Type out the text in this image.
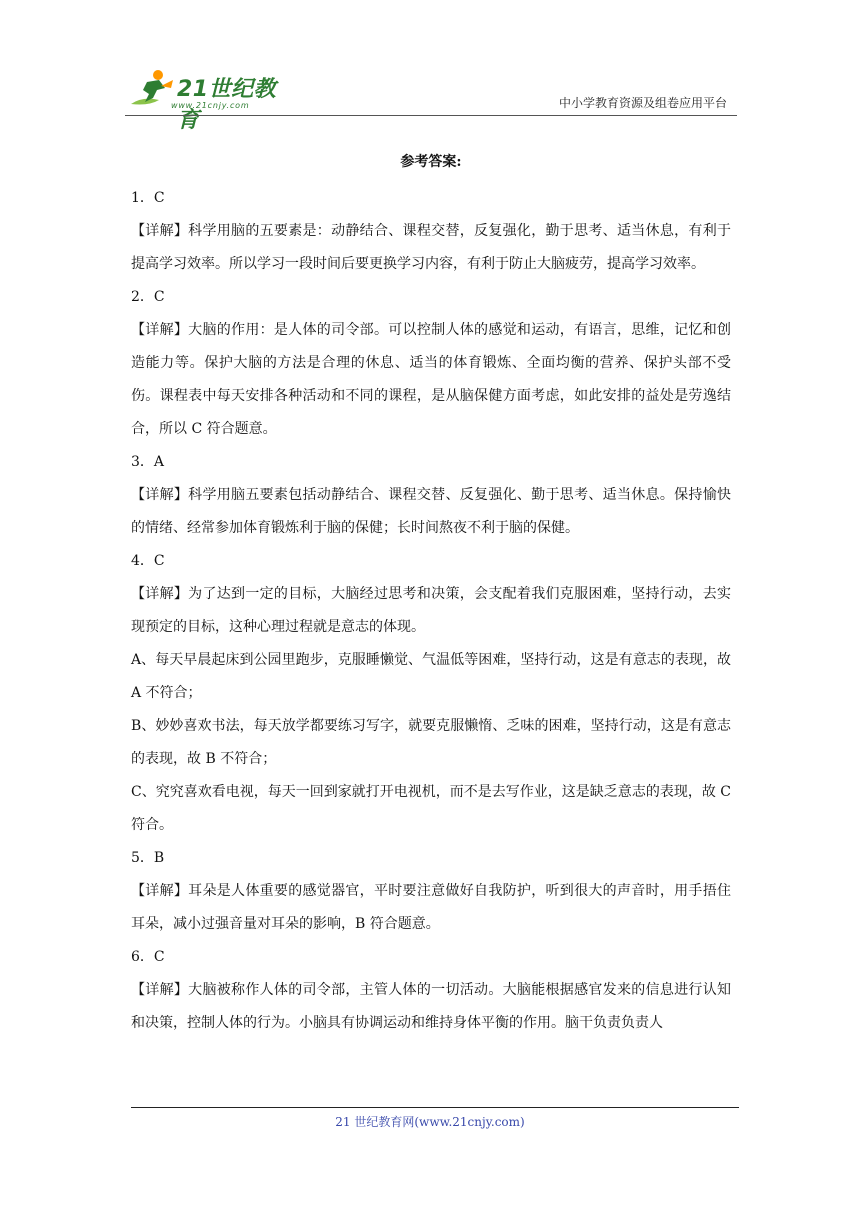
21世纪教育
www.21cnjy.com	中小学教育资源及组卷应用平台
参考答案:
1．C
【详解】科学用脑的五要素是：动静结合、课程交替，反复强化，勤于思考、适当休息，有利于提高学习效率。所以学习一段时间后要更换学习内容，有利于防止大脑疲劳，提高学习效率。
2．C
【详解】大脑的作用：是人体的司令部。可以控制人体的感觉和运动，有语言，思维，记忆和创造能力等。保护大脑的方法是合理的休息、适当的体育锻炼、全面均衡的营养、保护头部不受伤。课程表中每天安排各种活动和不同的课程，是从脑保健方面考虑，如此安排的益处是劳逸结合，所以 C 符合题意。
3．A
【详解】科学用脑五要素包括动静结合、课程交替、反复强化、勤于思考、适当休息。保持愉快的情绪、经常参加体育锻炼利于脑的保健；长时间熬夜不利于脑的保健。
4．C
【详解】为了达到一定的目标，大脑经过思考和决策，会支配着我们克服困难，坚持行动，去实现预定的目标，这种心理过程就是意志的体现。
A、每天早晨起床到公园里跑步，克服睡懒觉、气温低等困难，坚持行动，这是有意志的表现，故 A 不符合；
B、妙妙喜欢书法，每天放学都要练习写字，就要克服懒惰、乏味的困难，坚持行动，这是有意志的表现，故 B 不符合；
C、究究喜欢看电视，每天一回到家就打开电视机，而不是去写作业，这是缺乏意志的表现，故 C 符合。
5．B
【详解】耳朵是人体重要的感觉器官，平时要注意做好自我防护，听到很大的声音时，用手捂住耳朵，减小过强音量对耳朵的影响，B 符合题意。
6．C
【详解】大脑被称作人体的司令部，主管人体的一切活动。大脑能根据感官发来的信息进行认知和决策，控制人体的行为。小脑具有协调运动和维持身体平衡的作用。脑干负责负责人
21 世纪教育网(www.21cnjy.com)
